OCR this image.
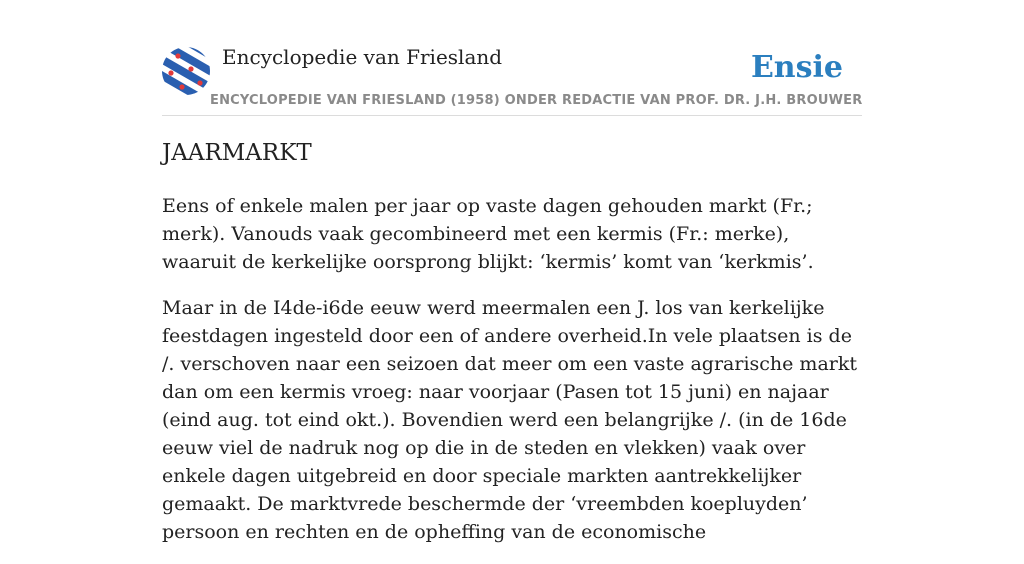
Encyclopedie van Friesland
ENCYCLOPEDIE VAN FRIESLAND (1958) ONDER REDACTIE VAN PROF. DR. J.H. BROUWER
Ensie
JAARMARKT

Eens of enkele malen per jaar op vaste dagen gehouden markt (Fr.; merk). Vanouds vaak gecombineerd met een kermis (Fr.: merke), waaruit de kerkelijke oorsprong blijkt: ‘kermis’ komt van ‘kerkmis’.

Maar in de I4de-i6de eeuw werd meermalen een J. los van kerkelijke feestdagen ingesteld door een of andere overheid.In vele plaatsen is de /. verschoven naar een seizoen dat meer om een vaste agrarische markt dan om een kermis vroeg: naar voorjaar (Pasen tot 15 juni) en najaar (eind aug. tot eind okt.). Bovendien werd een belangrijke /. (in de 16de eeuw viel de nadruk nog op die in de steden en vlekken) vaak over enkele dagen uitgebreid en door speciale markten aantrekkelijker gemaakt. De marktvrede beschermde der ‘vreembden koepluyden’ persoon en rechten en de opheffing van de economische
